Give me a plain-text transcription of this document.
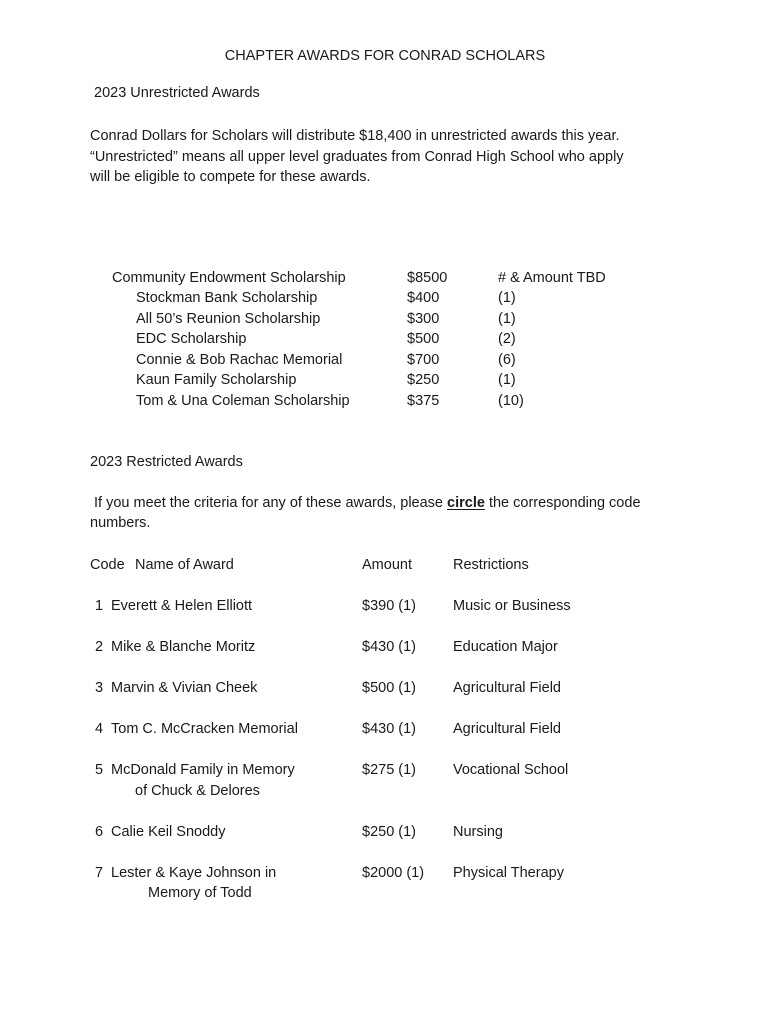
CHAPTER AWARDS FOR CONRAD SCHOLARS
2023 Unrestricted Awards
Conrad Dollars for Scholars will distribute $18,400 in unrestricted awards this year.
“Unrestricted” means all upper level graduates from Conrad High School who apply
will be eligible to compete for these awards.
Community Endowment Scholarship	$8500	# & Amount TBD
Stockman Bank Scholarship	$400	(1)
All 50’s Reunion Scholarship	$300	(1)
EDC Scholarship	$500	(2)
Connie & Bob Rachac Memorial	$700	(6)
Kaun Family Scholarship	$250	(1)
Tom & Una Coleman Scholarship	$375	(10)
2023 Restricted Awards
If you meet the criteria for any of these awards, please circle the corresponding code
numbers.
Code Name of Award	Amount	Restrictions
1 Everett & Helen Elliott	$390 (1)	Music or Business
2 Mike & Blanche Moritz	$430 (1)	Education Major
3 Marvin & Vivian Cheek	$500 (1)	Agricultural Field
4 Tom C. McCracken Memorial	$430 (1)	Agricultural Field
5 McDonald Family in Memory	$275 (1)	Vocational School
of Chuck & Delores
6 Calie Keil Snoddy	$250 (1)	Nursing
7 Lester & Kaye Johnson in	$2000 (1) Physical Therapy
Memory of Todd
